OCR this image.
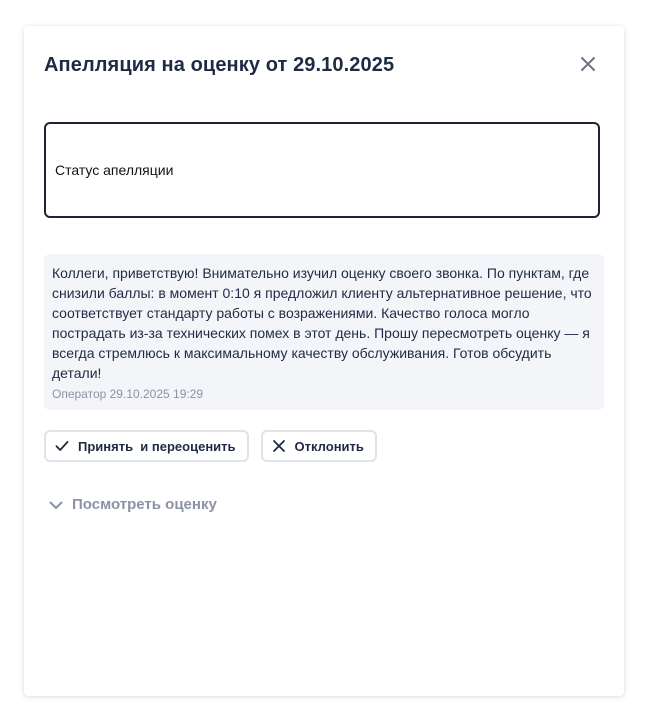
Апелляция на оценку от 29.10.2025
Статус апелляции

Коллеги, приветствую! Внимательно изучил оценку своего звонка. По пунктам, где снизили баллы: в момент 0:10 я предложил клиенту альтернативное решение, что соответствует стандарту работы с возражениями. Качество голоса могло пострадать из-за технических помех в этот день. Прошу пересмотреть оценку — я всегда стремлюсь к максимальному качеству обслуживания. Готов обсудить детали!

Оператор 29.10.2025 19:29
Принять  и переоценить	Отклонить
Посмотреть оценку
